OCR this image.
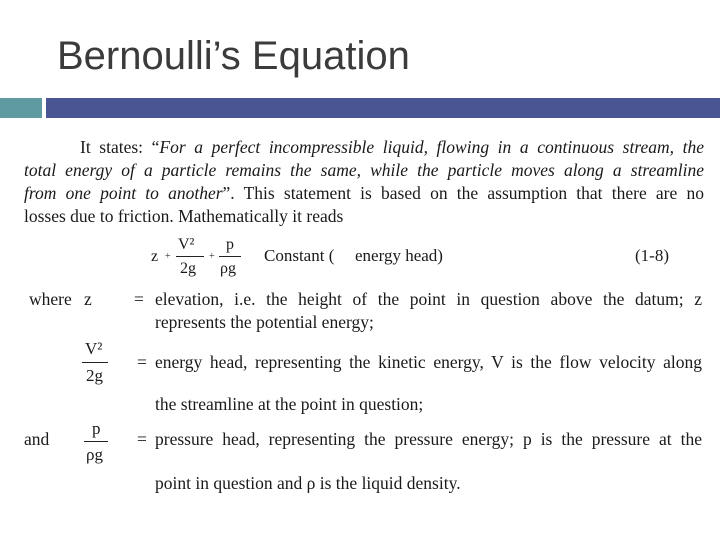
Bernoulli’s Equation
It states: “For a perfect incompressible liquid, flowing in a continuous stream, the
total energy of a particle remains the same, while the particle moves along a streamline
from one point to another”. This statement is based on the assumption that there are no
losses due to friction. Mathematically it reads
z +
V²
2g
+
p
ρg
Constant ( energy head)	(1-8)
where z = elevation, i.e. the height of the point in question above the datum; z
represents the potential energy;
V²
2g
= energy head, representing the kinetic energy, V is the flow velocity along
the streamline at the point in question;
and
p
ρg
= pressure head, representing the pressure energy; p is the pressure at the
point in question and ρ is the liquid density.
